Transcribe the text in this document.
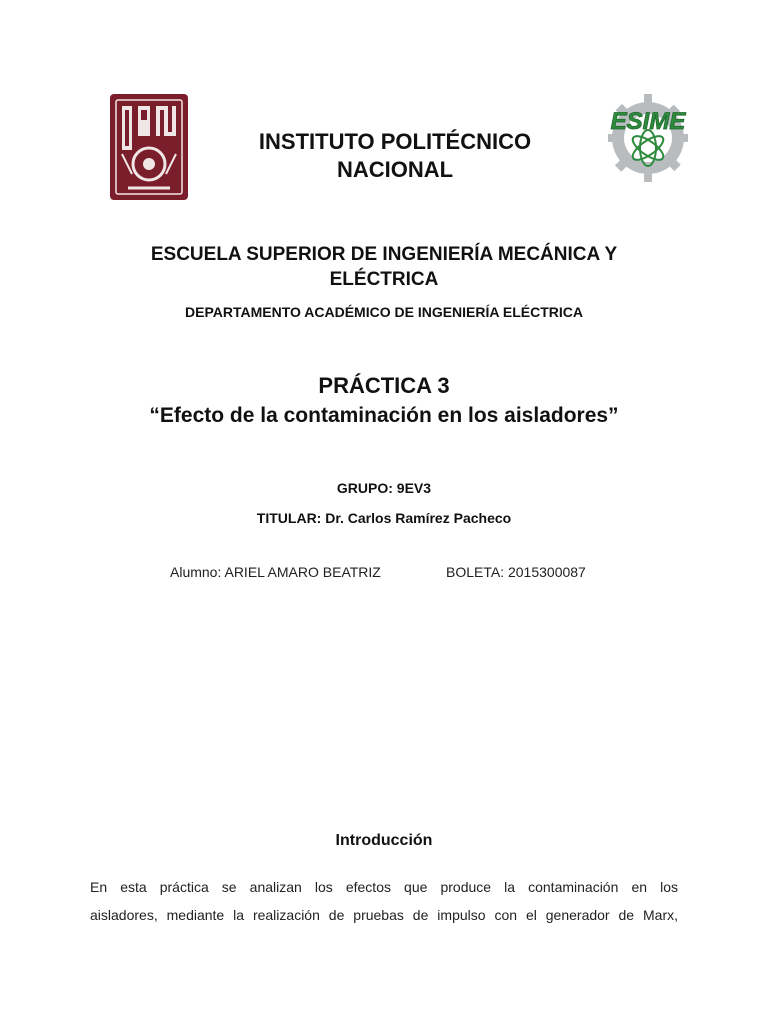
ESIME
INSTITUTO POLITÉCNICO
NACIONAL
ESCUELA SUPERIOR DE INGENIERÍA MECÁNICA Y
ELÉCTRICA
DEPARTAMENTO ACADÉMICO DE INGENIERÍA ELÉCTRICA
PRÁCTICA 3
“Efecto de la contaminación en los aisladores”
GRUPO: 9EV3
TITULAR: Dr. Carlos Ramírez Pacheco
Alumno: ARIEL AMARO BEATRIZ	BOLETA: 2015300087
Introducción
En esta práctica se analizan los efectos que produce la contaminación en los
aisladores, mediante la realización de pruebas de impulso con el generador de Marx,
